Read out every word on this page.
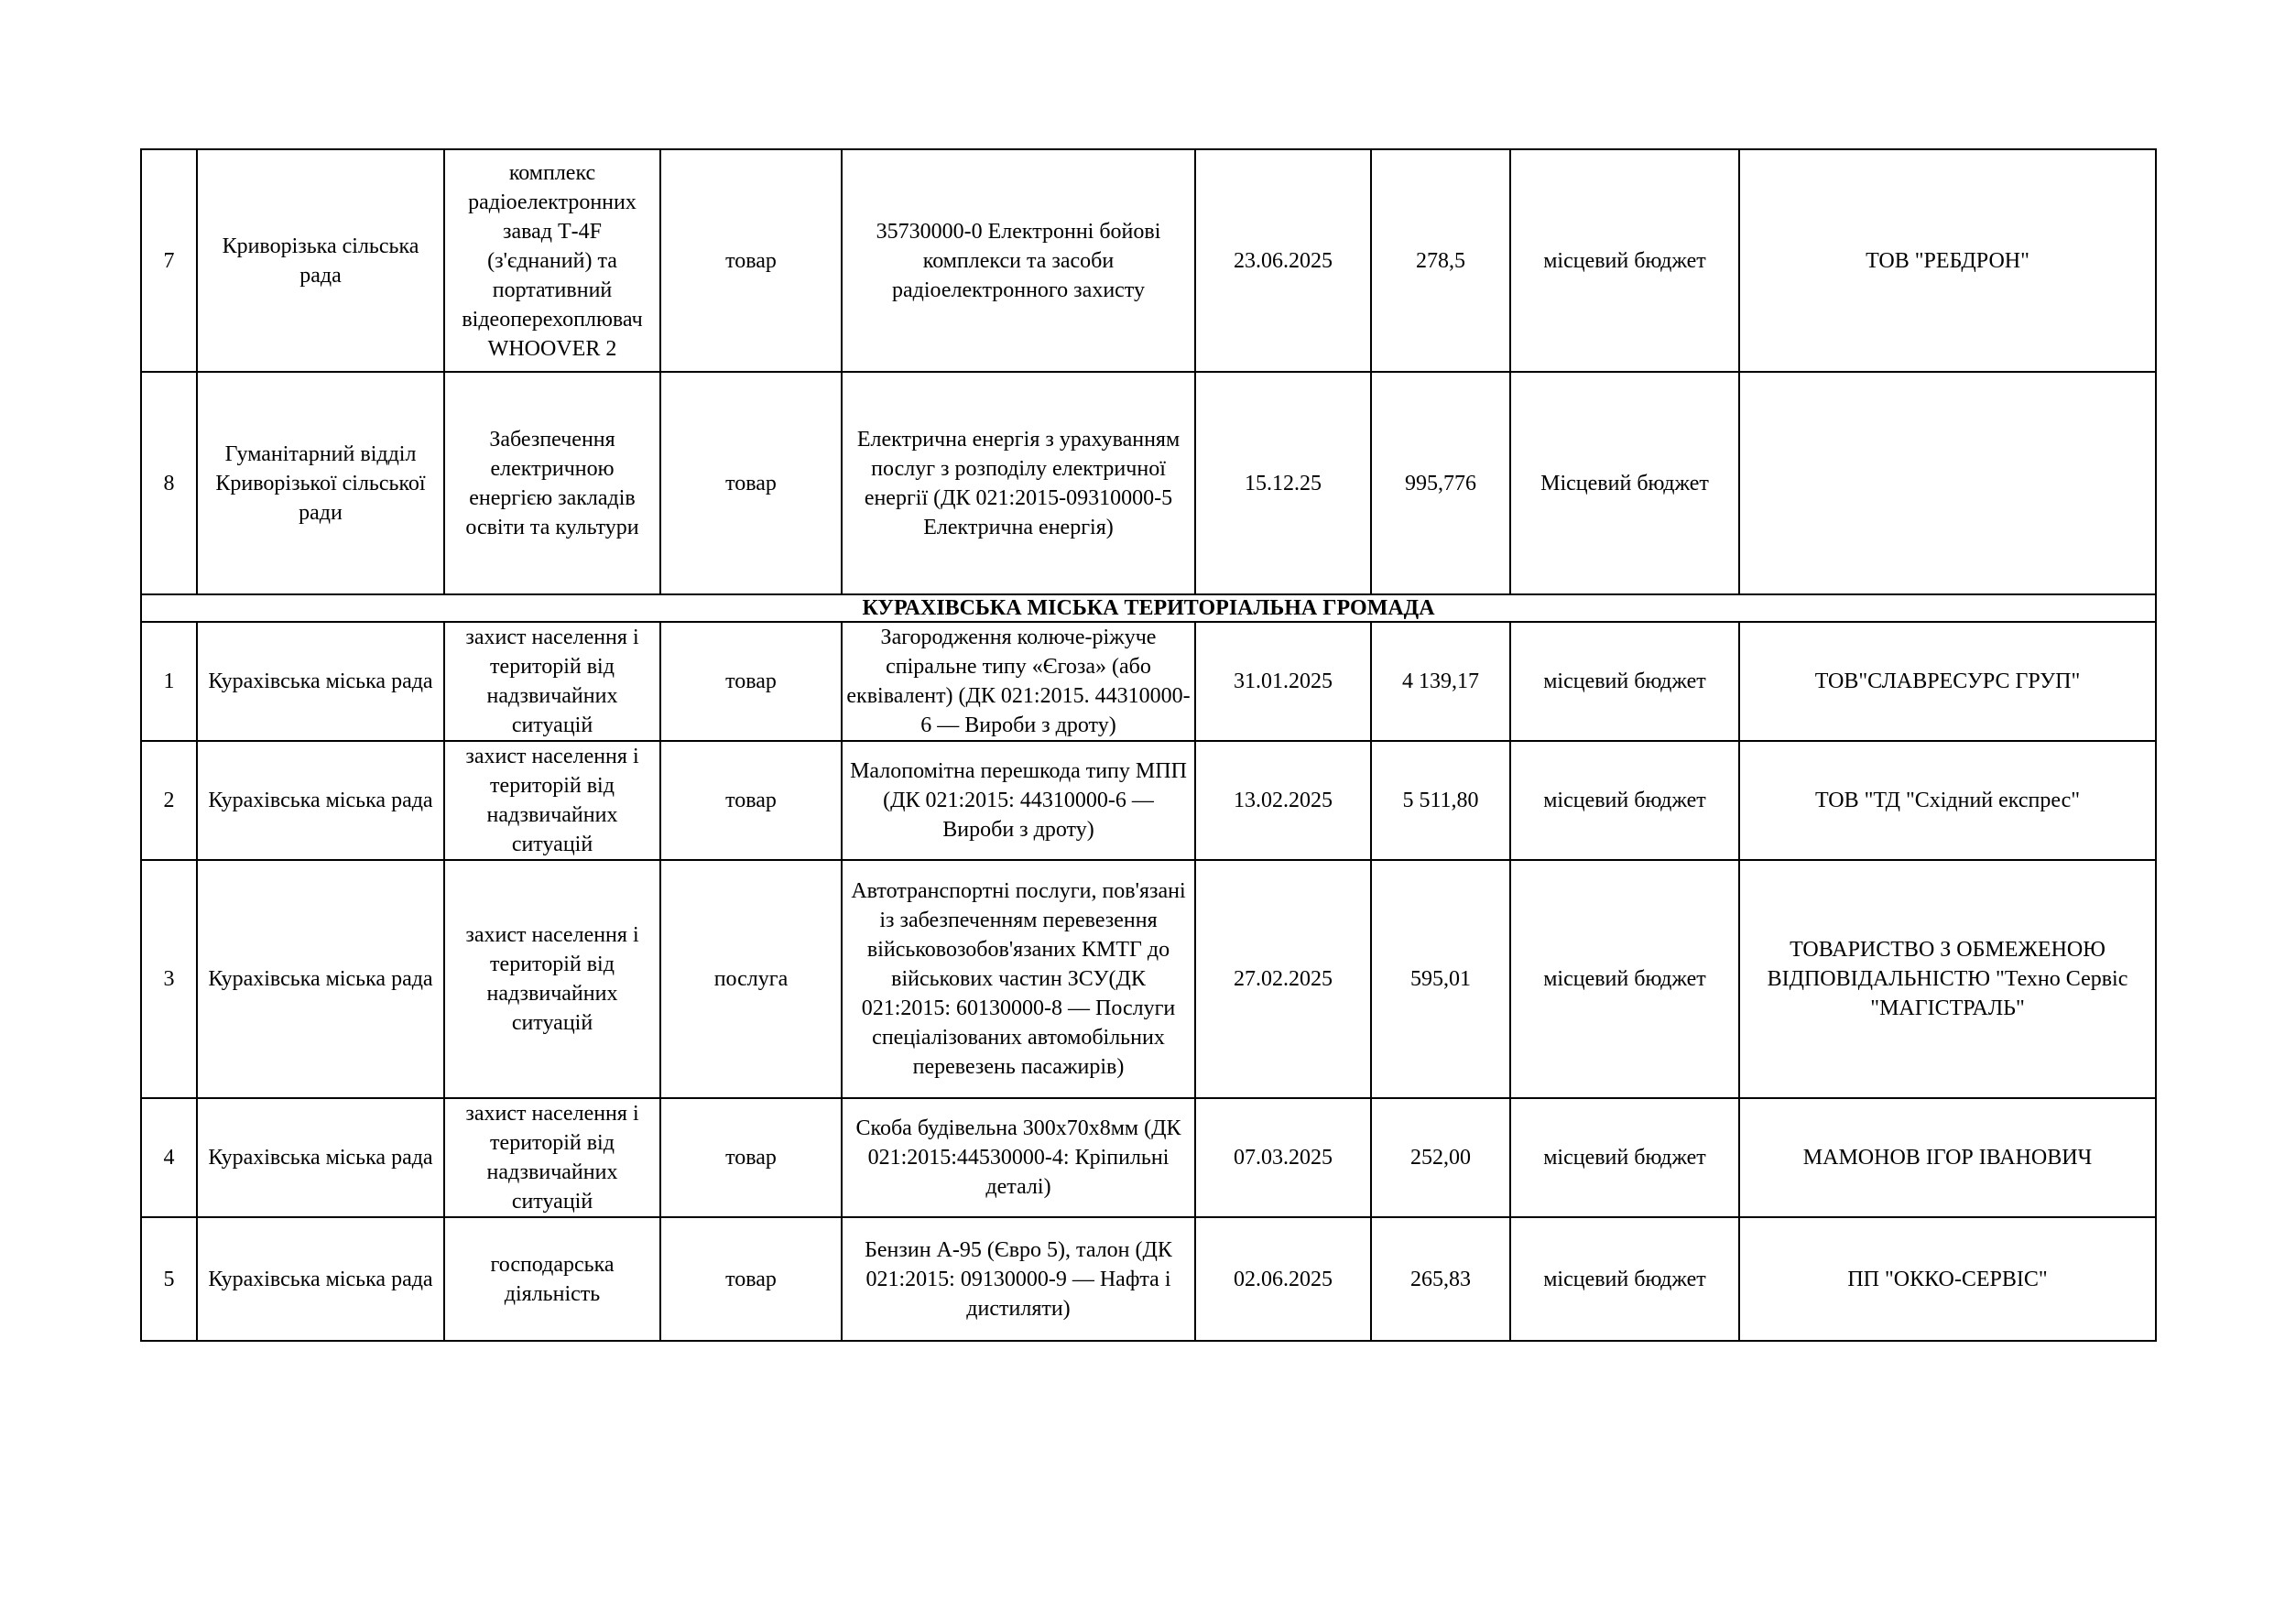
7	Криворізька сільська рада	комплекс радіоелектронних завад Т-4F (з'єднаний) та портативний відеоперехоплювач WHOOVER 2	товар	35730000-0 Електронні бойові комплекси та засоби радіоелектронного захисту	23.06.2025	278,5	місцевий бюджет	ТОВ "РЕБДРОН"
8	Гуманітарний відділ Криворізької сільської ради	Забезпечення електричною енергією закладів освіти та культури	товар	Електрична енергія з урахуванням послуг з розподілу електричної енергії (ДК 021:2015-09310000-5 Електрична енергія)	15.12.25	995,776	Місцевий бюджет	
КУРАХІВСЬКА МІСЬКА ТЕРИТОРІАЛЬНА ГРОМАДА								
1	Курахівська міська рада	захист населення і територій від надзвичайних ситуацій	товар	Загородження колюче-ріжуче спіральне типу «Єгоза» (або еквівалент) (ДК 021:2015. 44310000-6 — Вироби з дроту)	31.01.2025	4 139,17	місцевий бюджет	ТОВ"СЛАВРЕСУРС ГРУП"
2	Курахівська міська рада	захист населення і територій від надзвичайних ситуацій	товар	Малопомітна перешкода типу МПП (ДК 021:2015: 44310000-6 — Вироби з дроту)	13.02.2025	5 511,80	місцевий бюджет	ТОВ "ТД "Східний експрес"
3	Курахівська міська рада	захист населення і територій від надзвичайних ситуацій	послуга	Автотранспортні послуги, пов'язані із забезпеченням перевезення військовозобов'язаних КМТГ до військових частин ЗСУ(ДК 021:2015: 60130000-8 — Послуги спеціалізованих автомобільних перевезень пасажирів)	27.02.2025	595,01	місцевий бюджет	ТОВАРИСТВО З ОБМЕЖЕНОЮ ВІДПОВІДАЛЬНІСТЮ "Техно Сервіс "МАГІСТРАЛЬ"
4	Курахівська міська рада	захист населення і територій від надзвичайних ситуацій	товар	Скоба будівельна 300х70х8мм (ДК 021:2015:44530000-4: Кріпильні деталі)	07.03.2025	252,00	місцевий бюджет	МАМОНОВ ІГОР ІВАНОВИЧ
5	Курахівська міська рада	господарська діяльність	товар	Бензин А-95 (Євро 5), талон (ДК 021:2015: 09130000-9 — Нафта і дистиляти)	02.06.2025	265,83	місцевий бюджет	ПП "ОККО-СЕРВІС"
